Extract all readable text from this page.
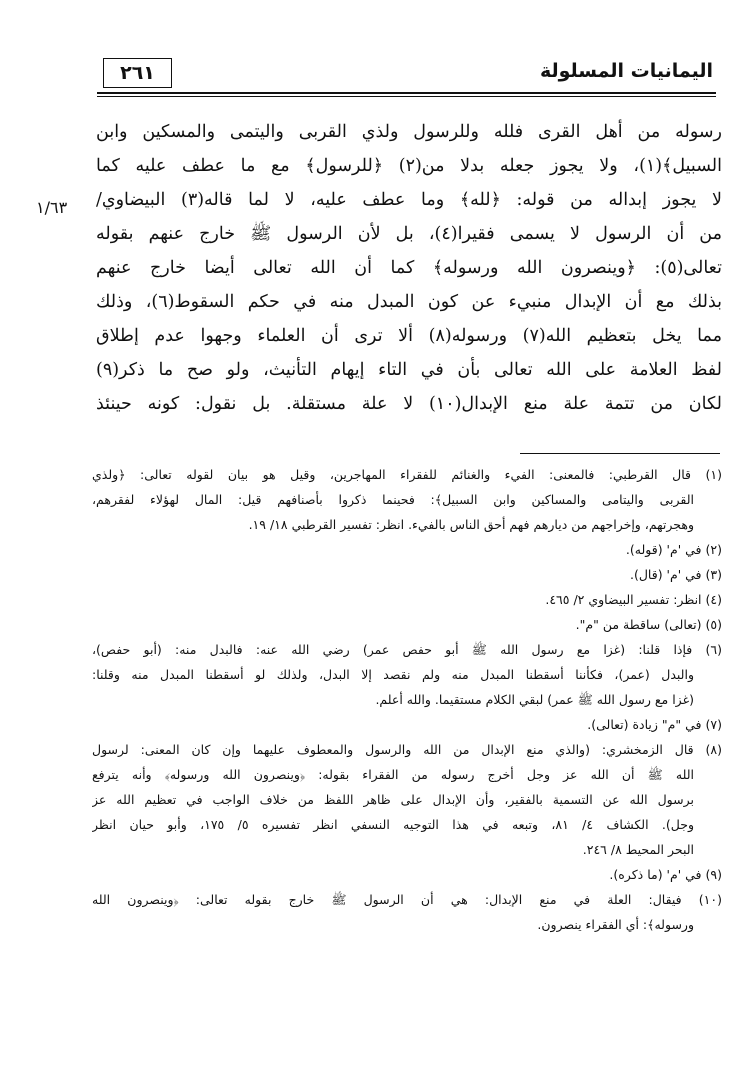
اليمانيات المسلولة
٢٦١
١/٦٣
رسوله من أهل القرى فلله وللرسول ولذي القربى واليتمى والمسكين وابن
السبيل﴾(١)، ولا يجوز جعله بدلا من(٢) ﴿للرسول﴾ مع ما عطف عليه كما
لا يجوز إبداله من قوله: ﴿لله﴾ وما عطف عليه، لا لما قاله(٣) البيضاوي/
من أن الرسول لا يسمى فقيرا(٤)، بل لأن الرسول ﷺ خارج عنهم بقوله
تعالى(٥): ﴿وينصرون الله ورسوله﴾ كما أن الله تعالى أيضا خارج عنهم
بذلك مع أن الإبدال منبيء عن كون المبدل منه في حكم السقوط(٦)، وذلك
مما يخل بتعظيم الله(٧) ورسوله(٨) ألا ترى أن العلماء وجهوا عدم إطلاق
لفظ العلامة على الله تعالى بأن في التاء إيهام التأنيث، ولو صح ما ذكر(٩)
لكان من تتمة علة منع الإبدال(١٠) لا علة مستقلة. بل نقول: كونه حينئذ
(١) قال القرطبي: فالمعنى: الفيء والغنائم للفقراء المهاجرين، وقيل هو بيان لقوله تعالى: ﴿ولذي
القربى واليتامى والمساكين وابن السبيل﴾: فحينما ذكروا بأصنافهم قيل: المال لهؤلاء لفقرهم،
وهجرتهم، وإخراجهم من ديارهم فهم أحق الناس بالفيء. انظر: تفسير القرطبي ١٨/ ١٩.
(٢) في 'م' (قوله).
(٣) في 'م' (قال).
(٤) انظر: تفسير البيضاوي ٢/ ٤٦٥.
(٥) (تعالى) ساقطة من "م".
(٦) فإذا قلنا: (غزا مع رسول الله ﷺ أبو حفص عمر) رضي الله عنه: فالبدل منه: (أبو حفص)،
والبدل (عمر)، فكأننا أسقطنا المبدل منه ولم نقصد إلا البدل، ولذلك لو أسقطنا المبدل منه وقلنا:
(غزا مع رسول الله ﷺ عمر) لبقي الكلام مستقيما. والله أعلم.
(٧) في "م" زيادة (تعالى).
(٨) قال الزمخشري: (والذي منع الإبدال من الله والرسول والمعطوف عليهما وإن كان المعنى: لرسول
الله ﷺ أن الله عز وجل أخرج رسوله من الفقراء بقوله: ﴿وينصرون الله ورسوله﴾ وأنه يترفع
برسول الله عن التسمية بالفقير، وأن الإبدال على ظاهر اللفظ من خلاف الواجب في تعظيم الله عز
وجل). الكشاف ٤/ ٨١، وتبعه في هذا التوجيه النسفي انظر تفسيره ٥/ ١٧٥، وأبو حيان انظر
البحر المحيط ٨/ ٢٤٦.
(٩) في 'م' (ما ذكره).
(١٠) فيقال: العلة في منع الإبدال: هي أن الرسول ﷺ خارج بقوله تعالى: ﴿وينصرون الله
ورسوله﴾: أي الفقراء ينصرون.
